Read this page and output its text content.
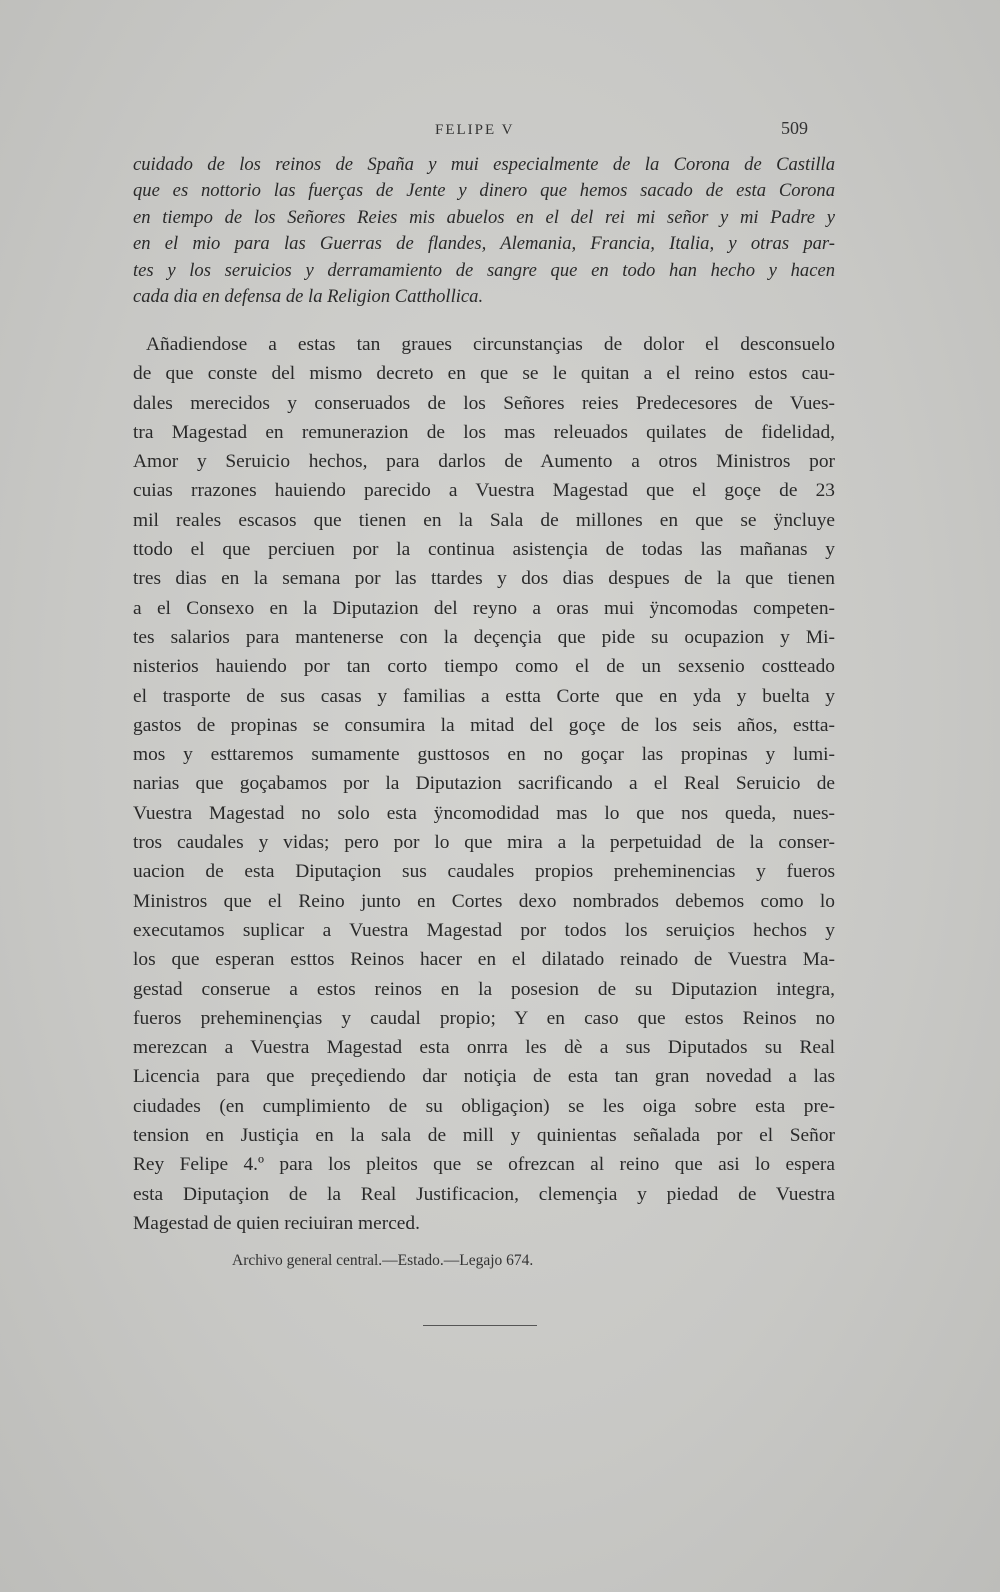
FELIPE V	509
cuidado de los reinos de Spaña y mui especialmente de la Corona de Castilla
que es nottorio las fuerças de Jente y dinero que hemos sacado de esta Corona
en tiempo de los Señores Reies mis abuelos en el del rei mi señor y mi Padre y
en el mio para las Guerras de flandes, Alemania, Francia, Italia, y otras par-
tes y los seruicios y derramamiento de sangre que en todo han hecho y hacen
cada dia en defensa de la Religion Catthollica.
Añadiendose a estas tan graues circunstançias de dolor el desconsuelo
de que conste del mismo decreto en que se le quitan a el reino estos cau-
dales merecidos y conseruados de los Señores reies Predecesores de Vues-
tra Magestad en remunerazion de los mas releuados quilates de fidelidad,
Amor y Seruicio hechos, para darlos de Aumento a otros Ministros por
cuias rrazones hauiendo parecido a Vuestra Magestad que el goçe de 23
mil reales escasos que tienen en la Sala de millones en que se ÿncluye
ttodo el que perciuen por la continua asistençia de todas las mañanas y
tres dias en la semana por las ttardes y dos dias despues de la que tienen
a el Consexo en la Diputazion del reyno a oras mui ÿncomodas competen-
tes salarios para mantenerse con la deçençia que pide su ocupazion y Mi-
nisterios hauiendo por tan corto tiempo como el de un sexsenio costteado
el trasporte de sus casas y familias a estta Corte que en yda y buelta y
gastos de propinas se consumira la mitad del goçe de los seis años, estta-
mos y esttaremos sumamente gusttosos en no goçar las propinas y lumi-
narias que goçabamos por la Diputazion sacrificando a el Real Seruicio de
Vuestra Magestad no solo esta ÿncomodidad mas lo que nos queda, nues-
tros caudales y vidas; pero por lo que mira a la perpetuidad de la conser-
uacion de esta Diputaçion sus caudales propios preheminencias y fueros
Ministros que el Reino junto en Cortes dexo nombrados debemos como lo
executamos suplicar a Vuestra Magestad por todos los seruiçios hechos y
los que esperan esttos Reinos hacer en el dilatado reinado de Vuestra Ma-
gestad conserue a estos reinos en la posesion de su Diputazion integra,
fueros preheminençias y caudal propio; Y en caso que estos Reinos no
merezcan a Vuestra Magestad esta onrra les dè a sus Diputados su Real
Licencia para que preçediendo dar notiçia de esta tan gran novedad a las
ciudades (en cumplimiento de su obligaçion) se les oiga sobre esta pre-
tension en Justiçia en la sala de mill y quinientas señalada por el Señor
Rey Felipe 4.º para los pleitos que se ofrezcan al reino que asi lo espera
esta Diputaçion de la Real Justificacion, clemençia y piedad de Vuestra
Magestad de quien reciuiran merced.
Archivo general central.—Estado.—Legajo 674.
